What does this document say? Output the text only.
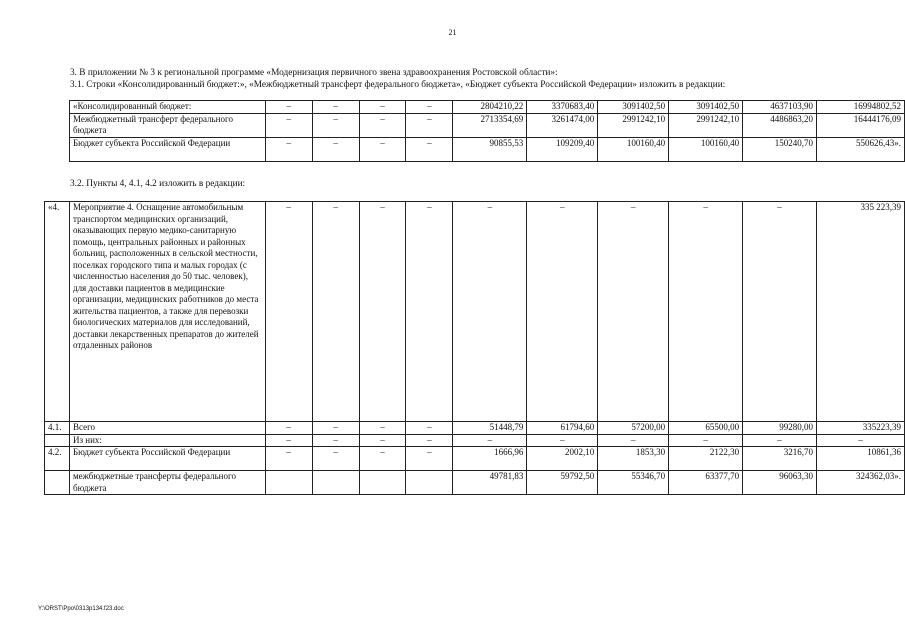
21
3. В приложении № 3 к региональной программе «Модернизация первичного звена здравоохранения Ростовской области»:
3.1. Строки «Консолидированный бюджет:», «Межбюджетный трансферт федерального бюджета», «Бюджет субъекта Российской Федерации» изложить в редакции:
«Консолидированный бюджет:	–	–	–	–	2804210,22	3370683,40	3091402,50	3091402,50	4637103,90	16994802,52
Межбюджетный трансферт федерального бюджета	–	–	–	–	2713354,69	3261474,00	2991242,10	2991242,10	4486863,20	16444176,09
Бюджет субъекта Российской Федерации	–	–	–	–	90855,53	109209,40	100160,40	100160,40	150240,70	550626,43».
3.2. Пункты 4, 4.1, 4.2 изложить в редакции:
«4.	Мероприятие 4. Оснащение автомобильным транспортом медицинских организаций, оказывающих первую медико-санитарную помощь, центральных районных и районных больниц, расположенных в сельской местности, поселках городского типа и малых городах (с численностью населения до 50 тыс. человек), для доставки пациентов в медицинские организации, медицинских работников до места жительства пациентов, а также для перевозки биологических материалов для исследований, доставки лекарственных препаратов до жителей отдаленных районов	–	–	–	–	–	–	–	–	–	335 223,39
4.1.	Всего	–	–	–	–	51448,79	61794,60	57200,00	65500,00	99280,00	335223,39
	Из них:	–	–	–	–	–	–	–	–	–	–
4.2.	Бюджет субъекта Российской Федерации	–	–	–	–	1666,96	2002,10	1853,30	2122,30	3216,70	10861,36
	межбюджетные трансферты федерального бюджета					49781,83	59792,50	55346,70	63377,70	96063,30	324362,03».
Y:\ORST\Ppo\0313p134.f23.doc
